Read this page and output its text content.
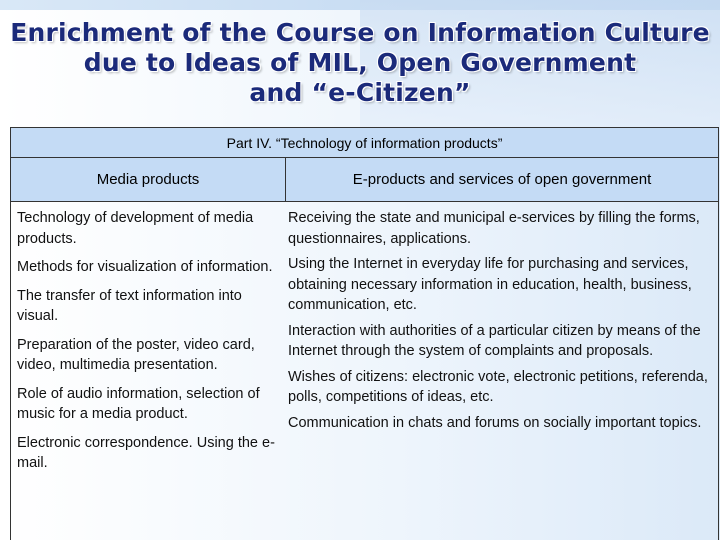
Enrichment of the Course on Information Culture
due to Ideas of MIL, Open Government
and “e-Citizen”
Part IV. “Technology of information products”
Media products	E-products and services of open government

Technology of development of media products.

Methods for visualization of information.

The transfer of text information into visual.

Preparation of the poster, video card, video, multimedia presentation.

Role of audio information, selection of music for a media product.

Electronic correspondence. Using the e-mail.

Receiving the state and municipal e-services by filling the forms, questionnaires, applications.

Using the Internet in everyday life for purchasing and services, obtaining necessary information in education, health, business, communication, etc.

Interaction with authorities of a particular citizen by means of the Internet through the system of complaints and proposals.

Wishes of citizens: electronic vote, electronic petitions, referenda, polls, competitions of ideas, etc.

Communication in chats and forums on socially important topics.
